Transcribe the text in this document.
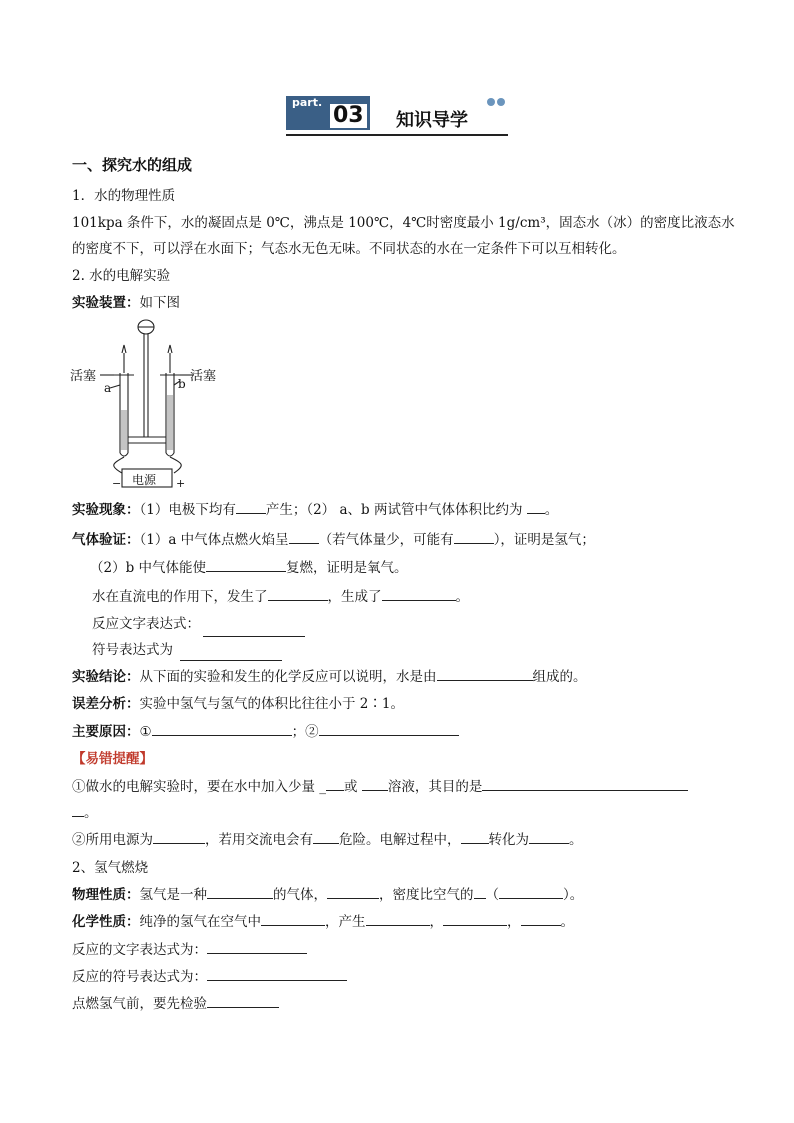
part.
03 知识导学
一、探究水的组成
1．水的物理性质
101kpa 条件下，水的凝固点是 0℃，沸点是 100℃，4℃时密度最小 1g/cm³，固态水（冰）的密度比液态水
的密度不下，可以浮在水面下；气态水无色无味。不同状态的水在一定条件下可以互相转化。
2. 水的电解实验
实验装置：如下图
活塞	活塞
a	b
电源
−	+
实验现象：（1）电极下均有 产生；（2） a、b 两试管中气体体积比约为 。
气体验证：（1）a 中气体点燃火焰呈 （若气体量少，可能有	），证明是氢气；
（2）b 中气体能使	复燃，证明是氧气。
水在直流电的作用下，发生了	，生成了	。
反应文字表达式：
符号表达式为
实验结论：从下面的实验和发生的化学反应可以说明，水是由	组成的。
误差分析：实验中氢气与氢气的体积比往往小于 2∶1。
主要原因：①	；②
【易错提醒】
①做水的电解实验时，要在水中加入少量 _ 或 溶液，其目的是
。
②所用电源为	，若用交流电会有 危险。电解过程中， 转化为	。
2、氢气燃烧
物理性质：氢气是一种	的气体，	，密度比空气的 （	）。
化学性质：纯净的氢气在空气中	，产生	，	，	。
反应的文字表达式为：
反应的符号表达式为：
点燃氢气前，要先检验
